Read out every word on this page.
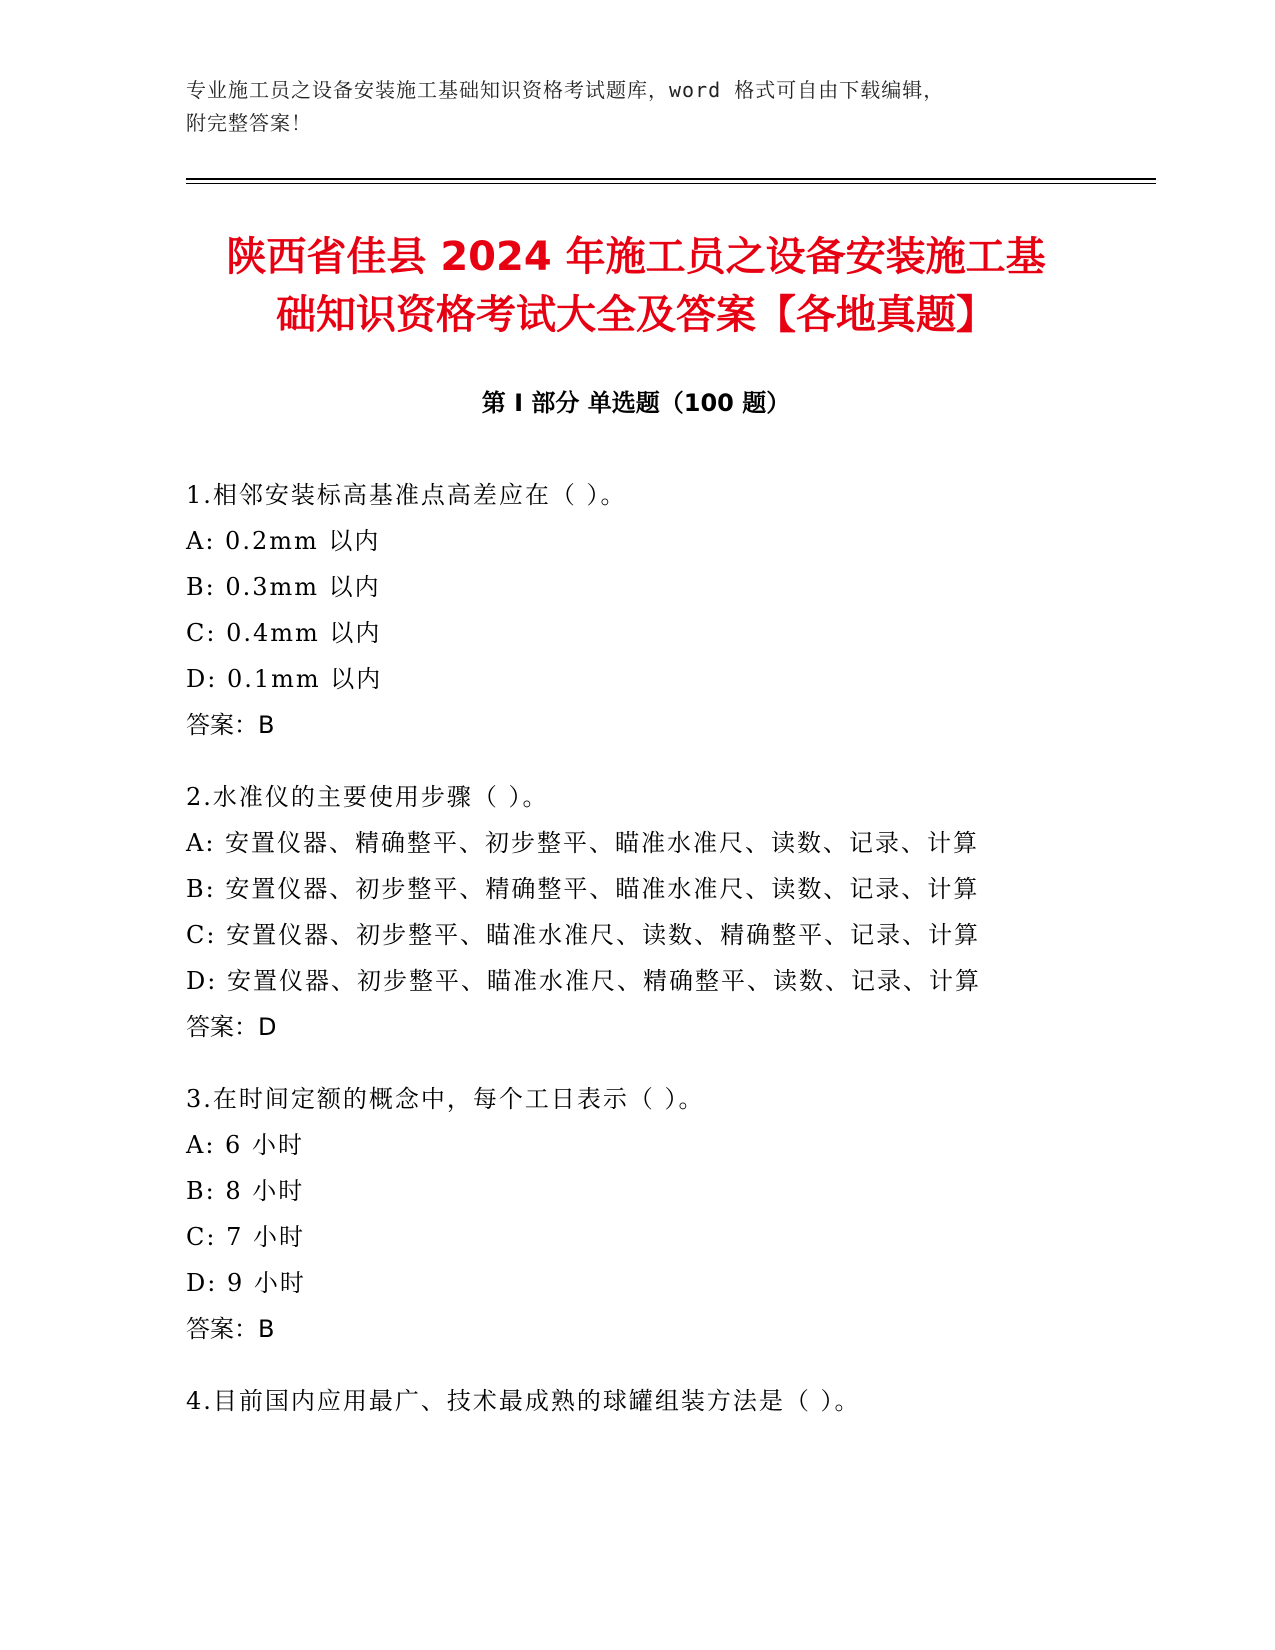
专业施工员之设备安装施工基础知识资格考试题库，word 格式可自由下载编辑，
附完整答案！
陕西省佳县 2024 年施工员之设备安装施工基
础知识资格考试大全及答案【各地真题】
第 I 部分 单选题（100 题）
1.相邻安装标高基准点高差应在（ ）。
A: 0.2mm 以内
B: 0.3mm 以内
C: 0.4mm 以内
D: 0.1mm 以内
答案：B
2.水准仪的主要使用步骤（ ）。
A: 安置仪器、精确整平、初步整平、瞄准水准尺、读数、记录、计算
B: 安置仪器、初步整平、精确整平、瞄准水准尺、读数、记录、计算
C: 安置仪器、初步整平、瞄准水准尺、读数、精确整平、记录、计算
D: 安置仪器、初步整平、瞄准水准尺、精确整平、读数、记录、计算
答案：D
3.在时间定额的概念中，每个工日表示（ ）。
A: 6 小时
B: 8 小时
C: 7 小时
D: 9 小时
答案：B
4.目前国内应用最广、技术最成熟的球罐组装方法是（ ）。
